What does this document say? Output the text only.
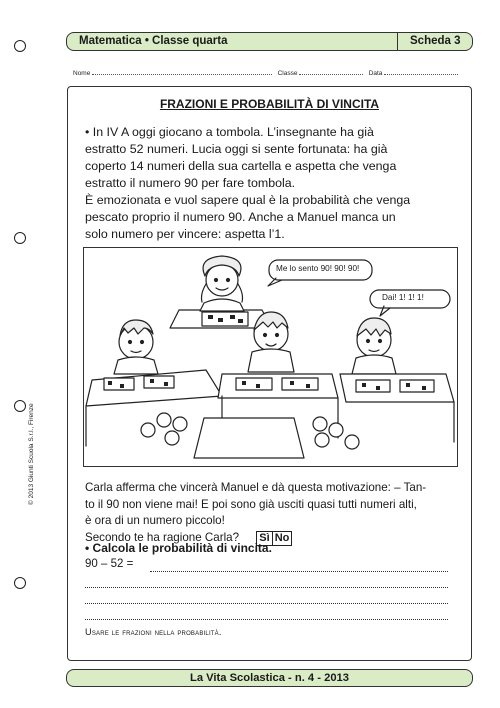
Matematica • Classe quarta	Scheda 3
Nome	Classe	Data
FRAZIONI E PROBABILITÀ DI VINCITA
• In IV A oggi giocano a tombola. L’insegnante ha già
estratto 52 numeri. Lucia oggi si sente fortunata: ha già
coperto 14 numeri della sua cartella e aspetta che venga
estratto il numero 90 per fare tombola.
È emozionata e vuol sapere qual è la probabilità che venga
pescato proprio il numero 90. Anche a Manuel manca un
solo numero per vincere: aspetta l’1.
Me lo sento 90! 90! 90!
Dai! 1! 1! 1!
Carla afferma che vincerà Manuel e dà questa motivazione: – Tan-
to il 90 non viene mai! E poi sono già usciti quasi tutti numeri alti,
è ora di un numero piccolo!
Secondo te ha ragione Carla? Sì No
• Calcola le probabilità di vincita.
90 – 52 =
Usare le frazioni nella probabilità.
© 2013 Giunti Scuola S.r.l., Firenze
La Vita Scolastica - n. 4 - 2013
